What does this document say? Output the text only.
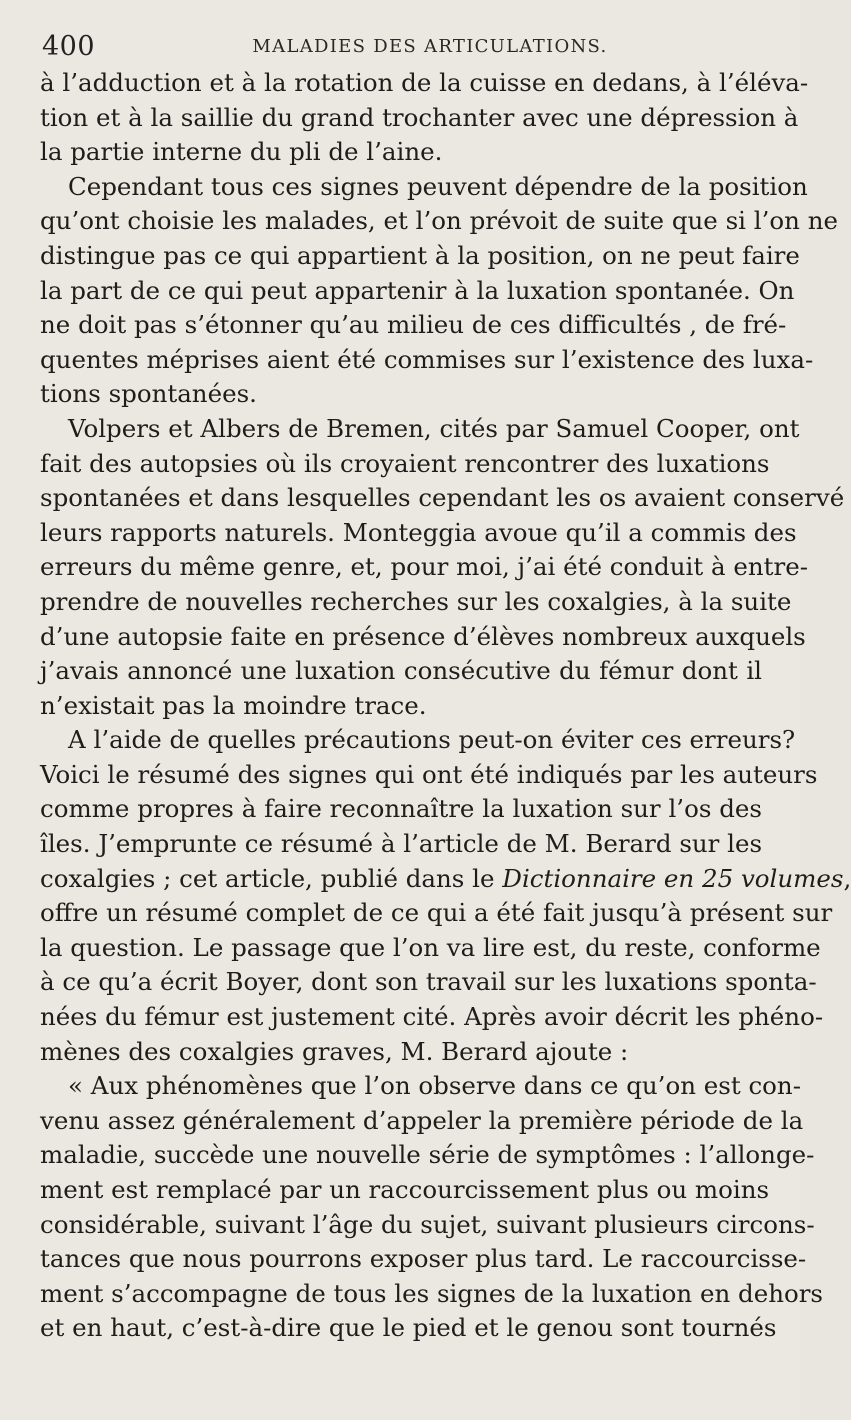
400	MALADIES DES ARTICULATIONS.
à l’adduction et à la rotation de la cuisse en dedans, à l’éléva-
tion et à la saillie du grand trochanter avec une dépression à
la partie interne du pli de l’aine.
Cependant tous ces signes peuvent dépendre de la position
qu’ont choisie les malades, et l’on prévoit de suite que si l’on ne
distingue pas ce qui appartient à la position, on ne peut faire
la part de ce qui peut appartenir à la luxation spontanée. On
ne doit pas s’étonner qu’au milieu de ces difficultés , de fré-
quentes méprises aient été commises sur l’existence des luxa-
tions spontanées.
Volpers et Albers de Bremen, cités par Samuel Cooper, ont
fait des autopsies où ils croyaient rencontrer des luxations
spontanées et dans lesquelles cependant les os avaient conservé
leurs rapports naturels. Monteggia avoue qu’il a commis des
erreurs du même genre, et, pour moi, j’ai été conduit à entre-
prendre de nouvelles recherches sur les coxalgies, à la suite
d’une autopsie faite en présence d’élèves nombreux auxquels
j’avais annoncé une luxation consécutive du fémur dont il
n’existait pas la moindre trace.
A l’aide de quelles précautions peut-on éviter ces erreurs?
Voici le résumé des signes qui ont été indiqués par les auteurs
comme propres à faire reconnaître la luxation sur l’os des
îles. J’emprunte ce résumé à l’article de M. Berard sur les
coxalgies ; cet article, publié dans le Dictionnaire en 25 volumes,
offre un résumé complet de ce qui a été fait jusqu’à présent sur
la question. Le passage que l’on va lire est, du reste, conforme
à ce qu’a écrit Boyer, dont son travail sur les luxations sponta-
nées du fémur est justement cité. Après avoir décrit les phéno-
mènes des coxalgies graves, M. Berard ajoute :
« Aux phénomènes que l’on observe dans ce qu’on est con-
venu assez généralement d’appeler la première période de la
maladie, succède une nouvelle série de symptômes : l’allonge-
ment est remplacé par un raccourcissement plus ou moins
considérable, suivant l’âge du sujet, suivant plusieurs circons-
tances que nous pourrons exposer plus tard. Le raccourcisse-
ment s’accompagne de tous les signes de la luxation en dehors
et en haut, c’est-à-dire que le pied et le genou sont tournés
